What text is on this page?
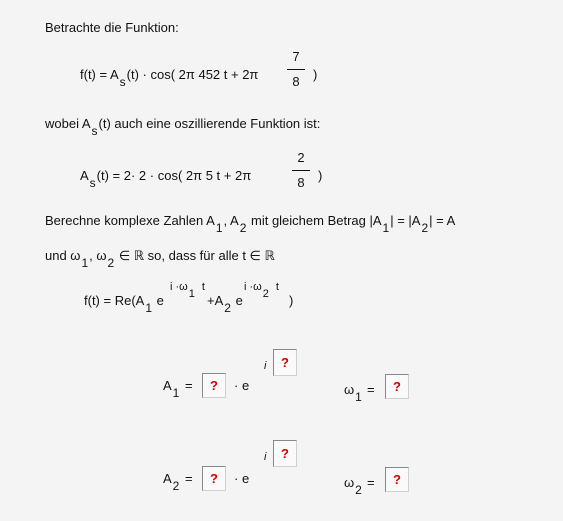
Betrachte die Funktion:
f(t) = As(t) · cos( 2π 452 t + 2π
7
8	)
wobei As(t) auch eine oszillierende Funktion ist:
As(t) = 2· 2 · cos( 2π 5 t + 2π
2
8	)
Berechne komplexe Zahlen A1, A2 mit gleichem Betrag |A1| = |A2| = A
und ω1, ω2 ∈ ℝ so, dass für alle t ∈ ℝ
f(t) = Re(A1 e
i ·ω1t
+A2 e
i ·ω2t
)
A1 = ? · e
i ?
ω1 = ?
A2 = ? · e
i ?
ω2 = ?
